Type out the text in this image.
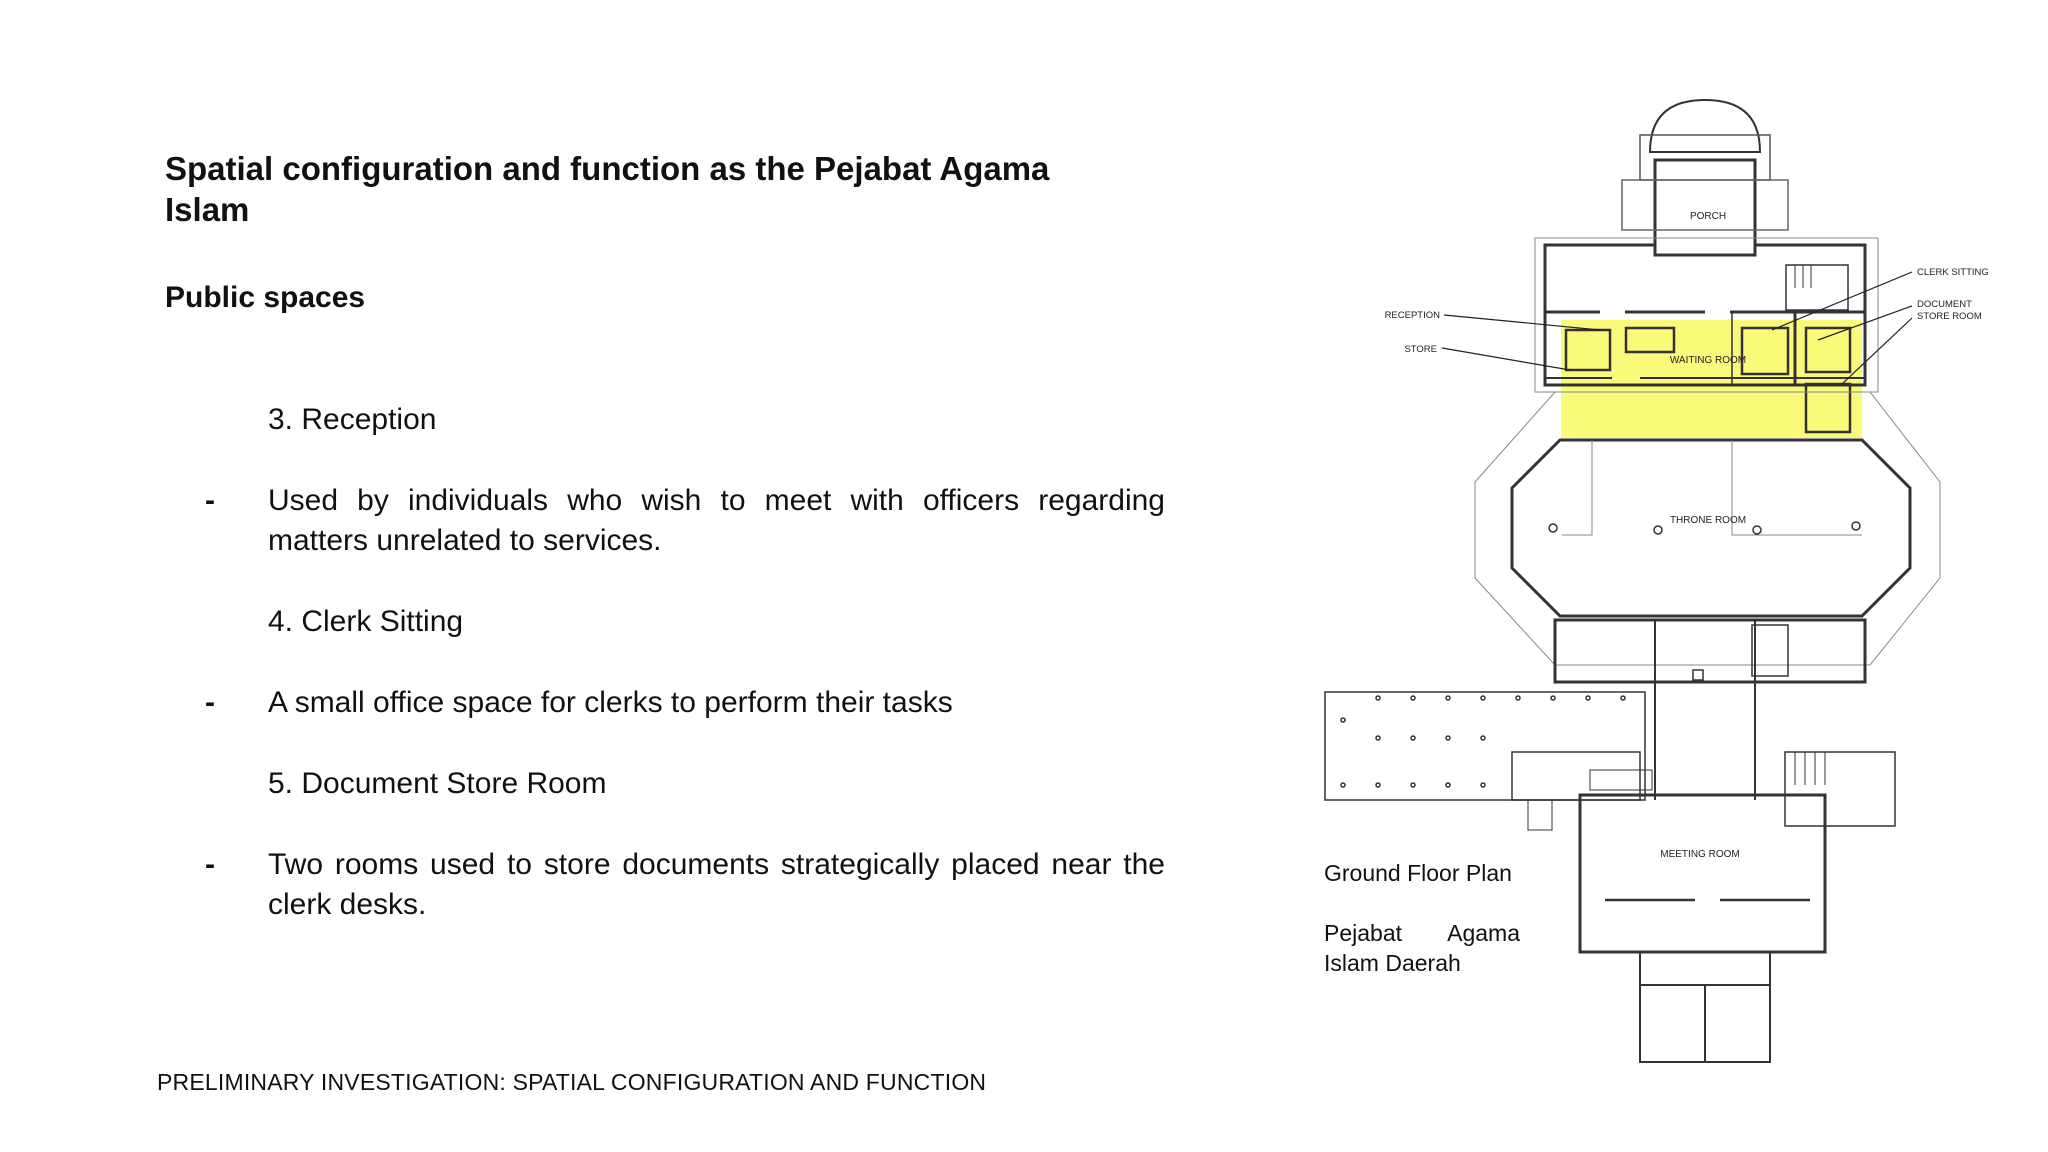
Spatial configuration and function as the Pejabat Agama Islam
Public spaces

3. Reception

-	Used by individuals who wish to meet with officers regarding matters unrelated to services.

4. Clerk Sitting

-	A small office space for clerks to perform their tasks

5. Document Store Room

-	Two rooms used to store documents strategically placed near the clerk desks.
PRELIMINARY INVESTIGATION: SPATIAL CONFIGURATION AND FUNCTION

Ground Floor Plan

Pejabat Agama Islam Daerah

PORCH
WAITING ROOM
THRONE ROOM
MEETING ROOM
RECEPTION
STORE
CLERK SITTING
DOCUMENT
STORE ROOM
